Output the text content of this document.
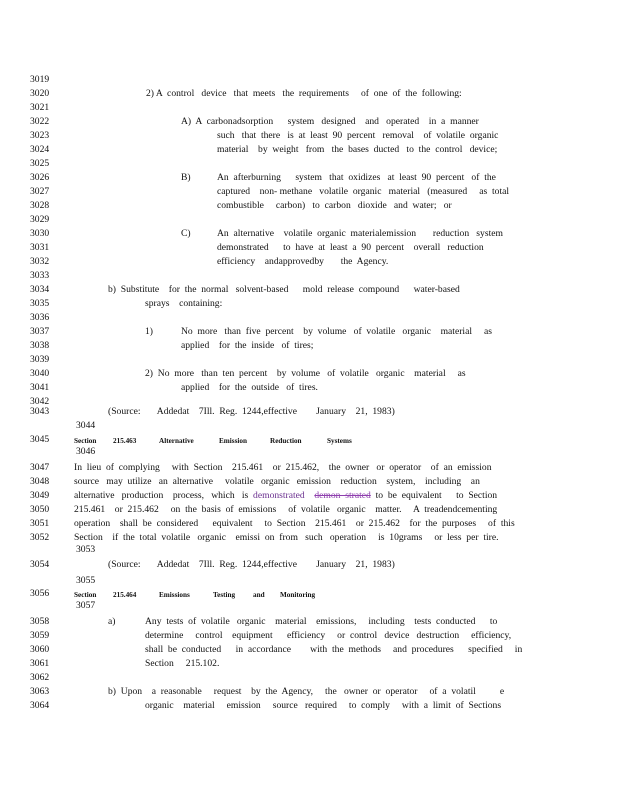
3019
3020
3021
3022
3023
3024
3025
3026
3027
3028
3029
3030
3031
3032
3033
3034
3035
3036
3037
3038
3039
3040
3041
3042
3043
2) A  control   device   that  meets   the  requirements     of  one  of  the  following:
A)  A  carbonadsorption      system   designed    and   operated    in  a  manner
such   that  there   is  at  least  90  percent   removal    of  volatile  organic
material    by  weight   from   the  bases  ducted   to  the  control   device;
B)	An  afterburning      system   that  oxidizes   at  least  90  percent   of  the
captured    non- methane   volatile  organic   material   (measured     as  total
combustible     carbon)   to  carbon   dioxide   and  water;   or
C)	An  alternative    volatile  organic  materialemission       reduction   system
demonstrated      to  have  at  least  a  90  percent    overall   reduction
efficiency    andapprovedby       the  Agency.
b)  Substitute    for  the  normal   solvent-based      mold  release  compound      water-based
sprays    containing:
1)	No  more   than  five  percent    by  volume   of  volatile   organic    material     as
applied    for  the  inside   of  tires;
2)  No  more   than  ten  percent    by  volume   of  volatile   organic    material     as
applied    for  the  outside   of  tires.
(Source:       Addedat    7Ill.  Reg.  1244,effective        January    21,  1983)
3044
3045	Section 215.463	Alternative	Emission	Reduction	Systems
3046
3047
3048
3049
3050
3051
3052
In  lieu  of  complying     with  Section    215.461    or  215.462,    the  owner   or  operator    of  an  emission
source   may  utilize   an  alternative     volatile   organic   emission    reduction    system,    including    an
alternative   production    process,   which   is demonstrated demon  strated  to  be  equivalent      to  Section
215.461    or  215.462     on  the  basis  of  emissions     of  volatile   organic    matter.     A  treadendcementing
operation    shall  be  considered      equivalent     to  Section    215.461    or  215.462    for  the  purposes     of  this
Section    if  the  total  volatile   organic    emissi  on  from   such   operation     is  10grams     or  less  per  tire.
3053
3054	(Source:       Addedat    7Ill.  Reg.  1244,effective        January    21,  1983)
3055
3056	Section 215.464	Emissions	Testing and Monitoring
3057
3058
3059
3060
3061
3062
3063
3064
a)	Any  tests  of  volatile   organic    material    emissions,     including    tests  conducted      to
determine     control    equipment      efficiency     or  control   device   destruction     efficiency,
shall  be  conducted      in  accordance        with  the  methods     and  procedures      specified     in
Section     215.102.
b)  Upon    a  reasonable     request    by  the  Agency,     the   owner  or  operator     of  a  volatil          e
organic    material     emission     source   required     to  comply     with  a  limit  of  Sections
